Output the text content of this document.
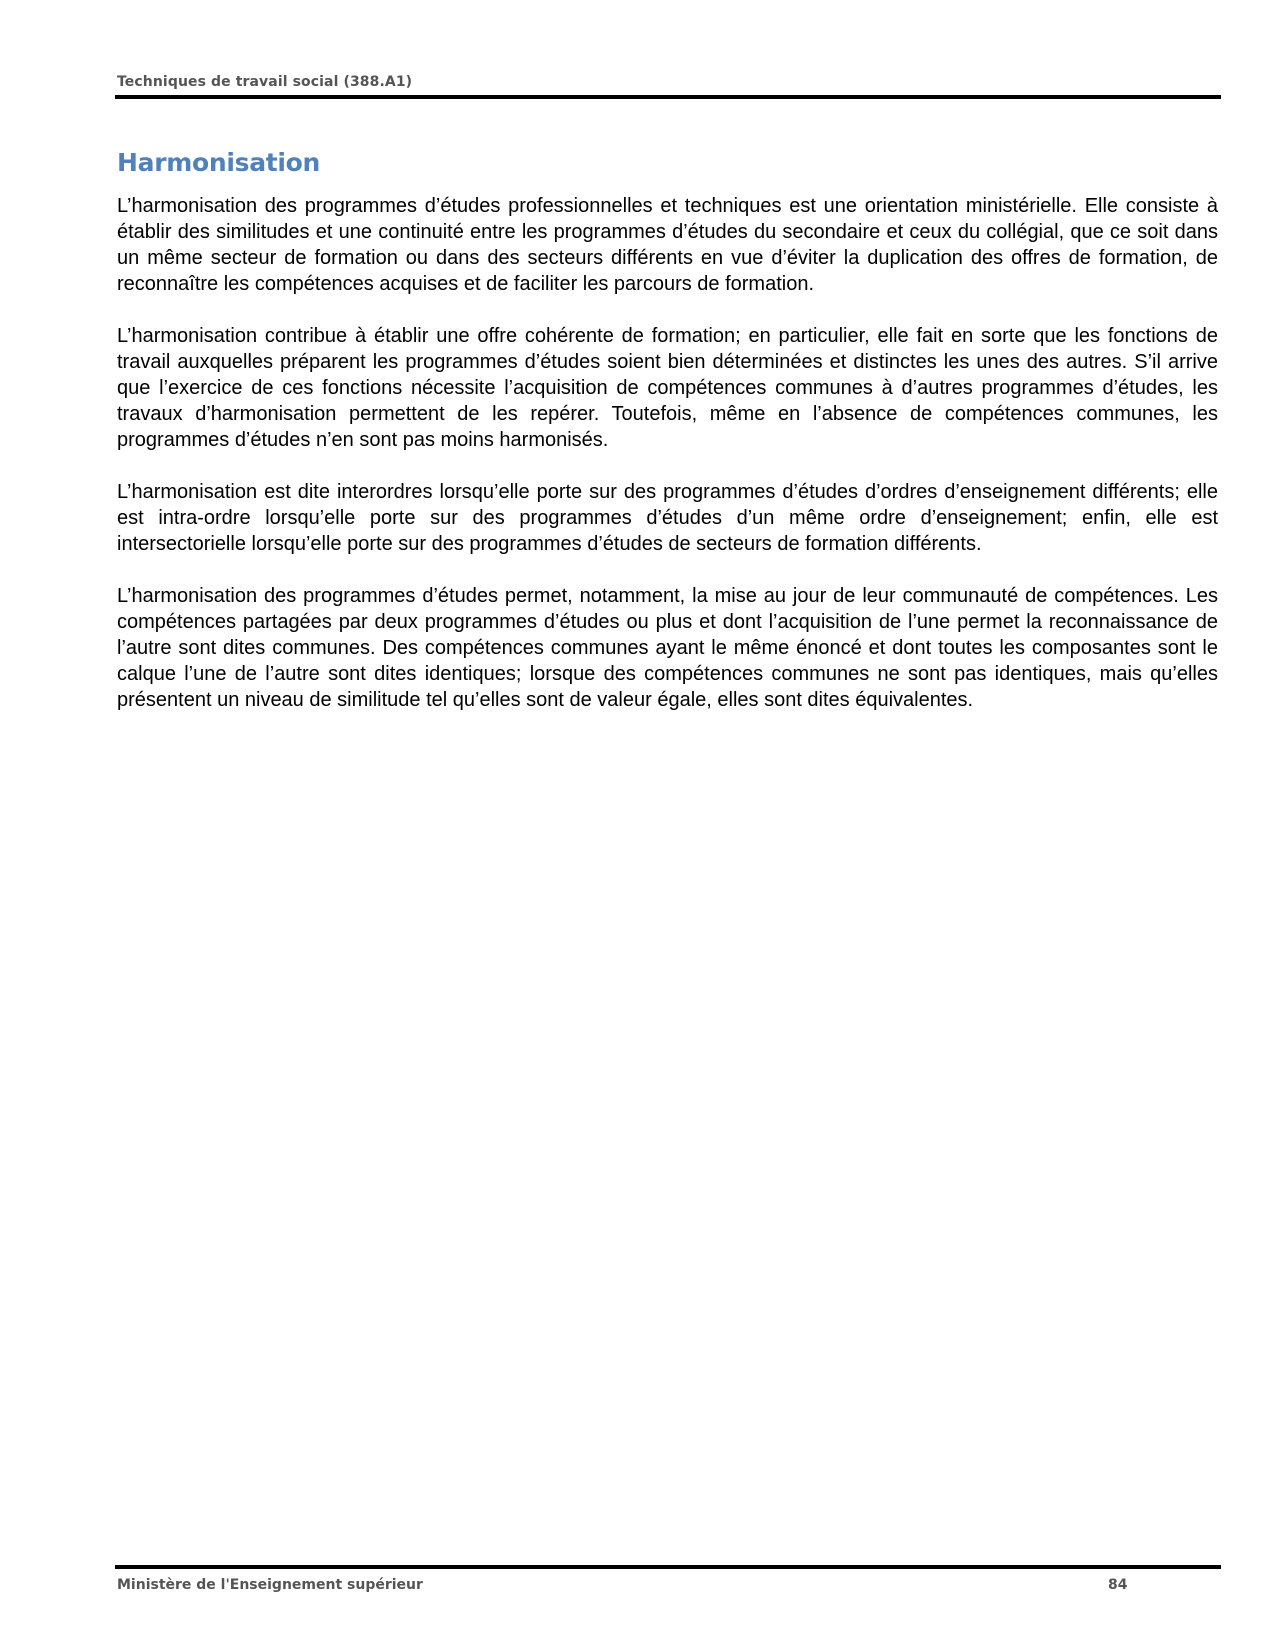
Techniques de travail social (388.A1)
Harmonisation

L’harmonisation des programmes d’études professionnelles et techniques est une orientation ministérielle. Elle consiste à établir des similitudes et une continuité entre les programmes d’études du secondaire et ceux du collégial, que ce soit dans un même secteur de formation ou dans des secteurs différents en vue d’éviter la duplication des offres de formation, de reconnaître les compétences acquises et de faciliter les parcours de formation.

L’harmonisation contribue à établir une offre cohérente de formation; en particulier, elle fait en sorte que les fonctions de travail auxquelles préparent les programmes d’études soient bien déterminées et distinctes les unes des autres. S’il arrive que l’exercice de ces fonctions nécessite l’acquisition de compétences communes à d’autres programmes d’études, les travaux d’harmonisation permettent de les repérer. Toutefois, même en l’absence de compétences communes, les programmes d’études n’en sont pas moins harmonisés.

L’harmonisation est dite interordres lorsqu’elle porte sur des programmes d’études d’ordres d’enseignement différents; elle est intra-ordre lorsqu’elle porte sur des programmes d’études d’un même ordre d’enseignement; enfin, elle est intersectorielle lorsqu’elle porte sur des programmes d’études de secteurs de formation différents.

L’harmonisation des programmes d’études permet, notamment, la mise au jour de leur communauté de compétences. Les compétences partagées par deux programmes d’études ou plus et dont l’acquisition de l’une permet la reconnaissance de l’autre sont dites communes. Des compétences communes ayant le même énoncé et dont toutes les composantes sont le calque l’une de l’autre sont dites identiques; lorsque des compétences communes ne sont pas identiques, mais qu’elles présentent un niveau de similitude tel qu’elles sont de valeur égale, elles sont dites équivalentes.

Ministère de l'Enseignement supérieur	84
